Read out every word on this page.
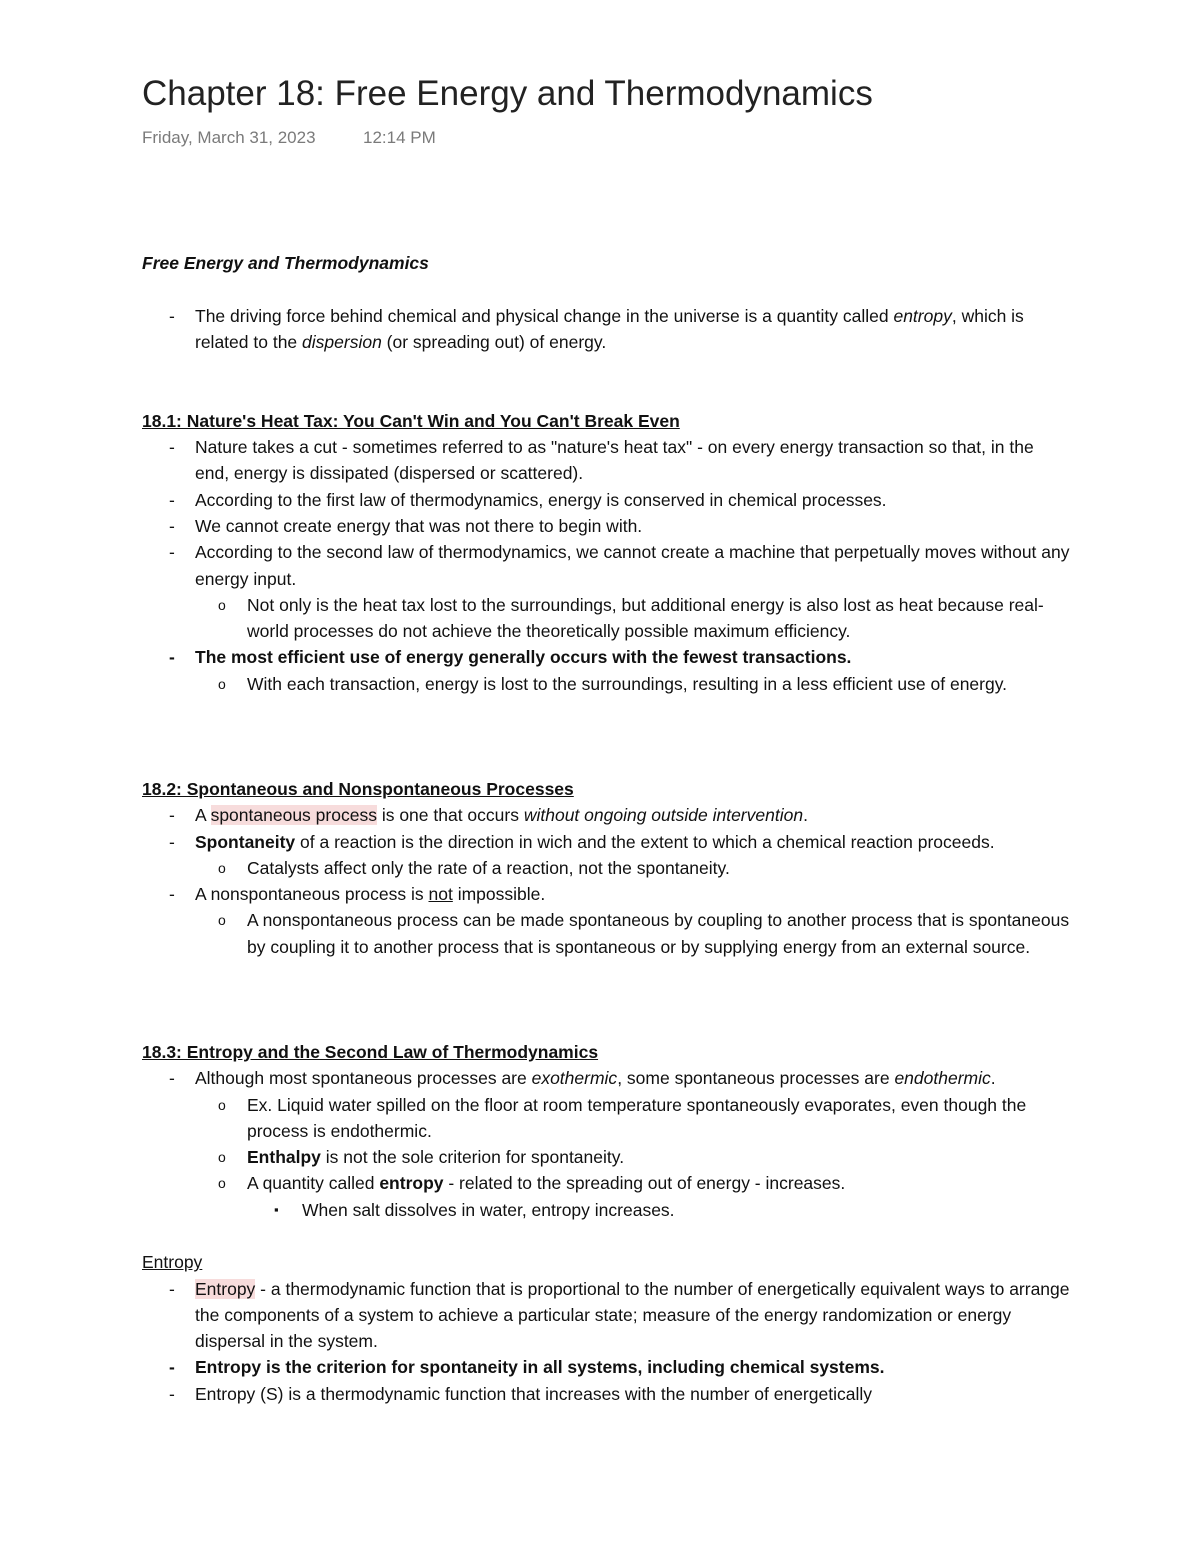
Chapter 18: Free Energy and Thermodynamics
Friday, March 31, 2023	12:14 PM
Free Energy and Thermodynamics
- The driving force behind chemical and physical change in the universe is a quantity called entropy, which is related to the dispersion (or spreading out) of energy.
18.1: Nature's Heat Tax: You Can't Win and You Can't Break Even
- Nature takes a cut - sometimes referred to as "nature's heat tax" - on every energy transaction so that, in the end, energy is dissipated (dispersed or scattered).
- According to the first law of thermodynamics, energy is conserved in chemical processes.
- We cannot create energy that was not there to begin with.
- According to the second law of thermodynamics, we cannot create a machine that perpetually moves without any energy input.
o Not only is the heat tax lost to the surroundings, but additional energy is also lost as heat because real-world processes do not achieve the theoretically possible maximum efficiency.
- The most efficient use of energy generally occurs with the fewest transactions.
o With each transaction, energy is lost to the surroundings, resulting in a less efficient use of energy.
18.2: Spontaneous and Nonspontaneous Processes
- A spontaneous process is one that occurs without ongoing outside intervention.
- Spontaneity of a reaction is the direction in wich and the extent to which a chemical reaction proceeds.
o Catalysts affect only the rate of a reaction, not the spontaneity.
- A nonspontaneous process is not impossible.
o A nonspontaneous process can be made spontaneous by coupling to another process that is spontaneous by coupling it to another process that is spontaneous or by supplying energy from an external source.
18.3: Entropy and the Second Law of Thermodynamics
- Although most spontaneous processes are exothermic, some spontaneous processes are endothermic.
o Ex. Liquid water spilled on the floor at room temperature spontaneously evaporates, even though the process is endothermic.
o Enthalpy is not the sole criterion for spontaneity.
o A quantity called entropy - related to the spreading out of energy - increases.
▪ When salt dissolves in water, entropy increases.
Entropy
- Entropy - a thermodynamic function that is proportional to the number of energetically equivalent ways to arrange the components of a system to achieve a particular state; measure of the energy randomization or energy dispersal in the system.
- Entropy is the criterion for spontaneity in all systems, including chemical systems.
- Entropy (S) is a thermodynamic function that increases with the number of energetically
